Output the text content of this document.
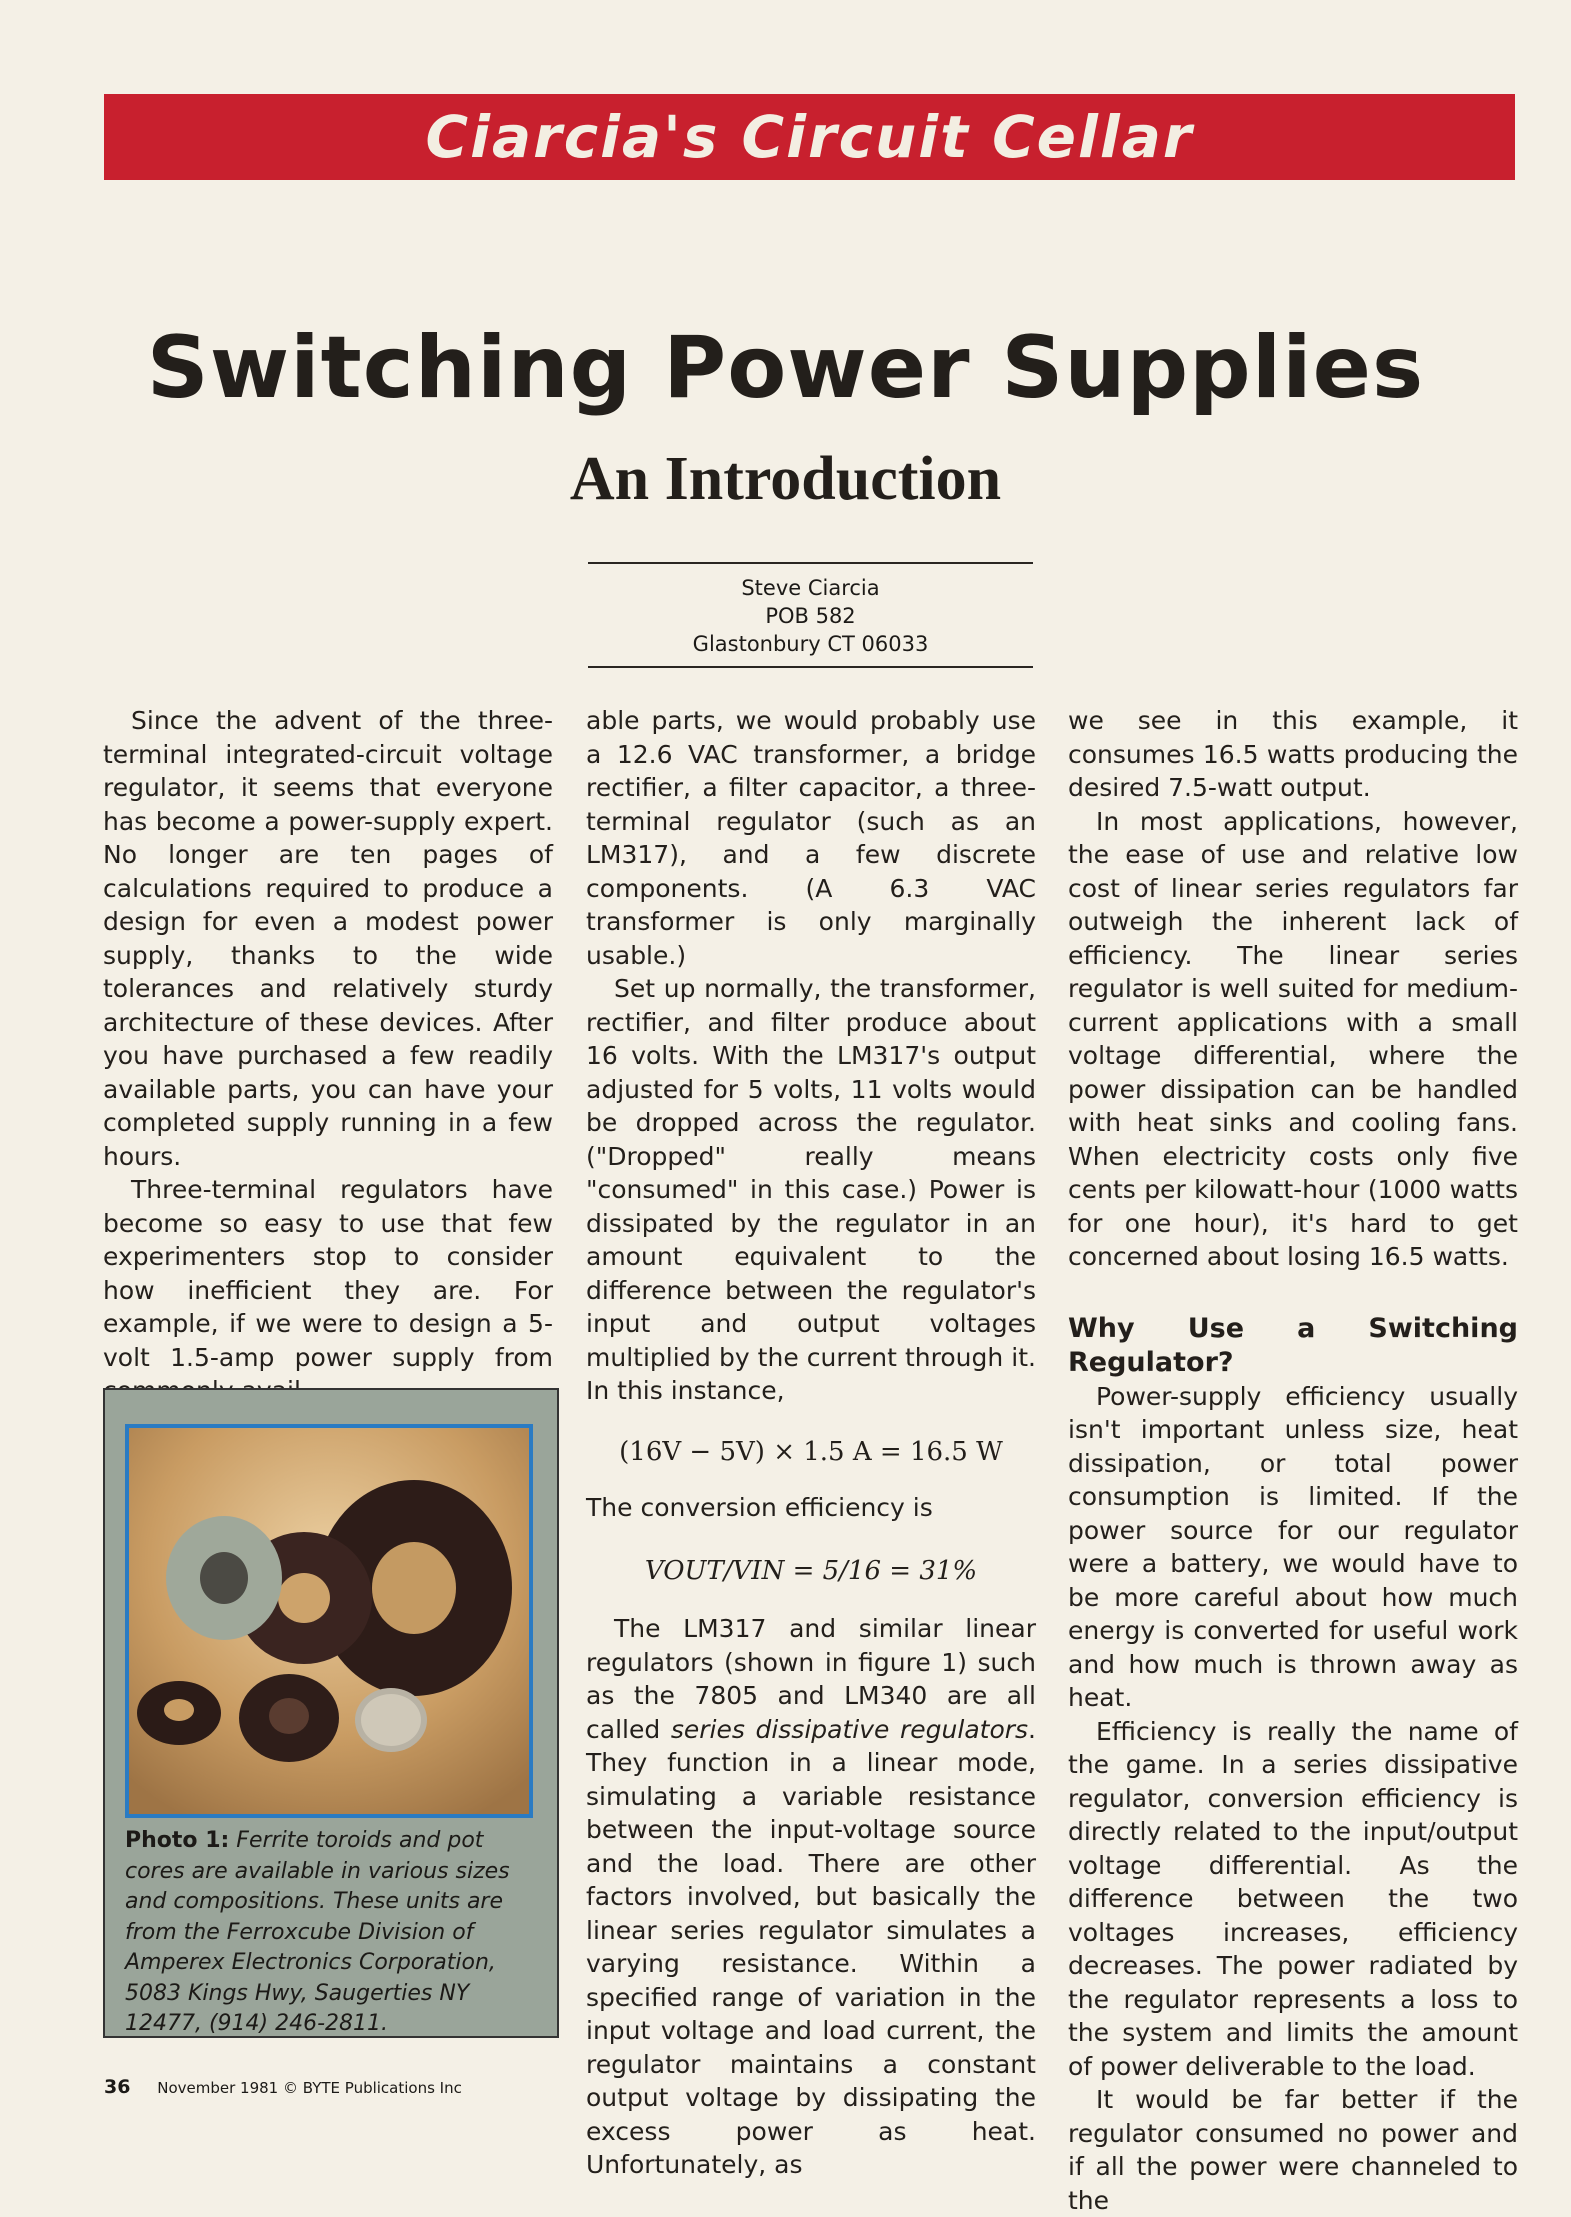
Ciarcia's Circuit Cellar
Switching Power Supplies
An Introduction
Steve Ciarcia
POB 582
Glastonbury CT 06033

Since the advent of the three-terminal integrated-circuit voltage regulator, it seems that everyone has become a power-supply expert. No longer are ten pages of calculations required to produce a design for even a modest power supply, thanks to the wide tolerances and relatively sturdy architecture of these devices. After you have purchased a few readily available parts, you can have your completed supply running in a few hours.

Three-terminal regulators have become so easy to use that few experimenters stop to consider how inefficient they are. For example, if we were to design a 5-volt 1.5-amp power supply from

Photo 1: Ferrite toroids and pot cores are available in various sizes and compositions. These units are from the Ferroxcube Division of Amperex Electronics Corporation, 5083 Kings Hwy, Saugerties NY 12477, (914) 246-2811.

able parts, we would probably use a 12.6 VAC transformer, a bridge rectifier, a filter capacitor, a three-terminal regulator (such as an LM317), and a few discrete components. (A 6.3 VAC transformer is only marginally usable.)

Set up normally, the transformer, rectifier, and filter produce about 16 volts. With the LM317's output adjusted for 5 volts, 11 volts would be dropped across the regulator. ("Dropped" really means "consumed" in this case.) Power is dissipated by the regulator in an amount equivalent to the difference between the regulator's input and output voltages multiplied by the current through it. In this instance,

(16V − 5V) × 1.5 A = 16.5 W

The conversion efficiency is

VOUT/VIN = 5/16 = 31%

The LM317 and similar linear regulators (shown in figure 1) such as the 7805 and LM340 are all called series dissipative regulators. They function in a linear mode, simulating a variable resistance between the input-voltage source and the load. There are other factors involved, but basically the linear series regulator simulates a varying resistance. Within a specified range of variation in the input voltage and load current, the regulator maintains a constant output voltage by dissipating the excess power as heat. Unfortunately, as

we see in this example, it consumes 16.5 watts producing the desired 7.5-watt output.

In most applications, however, the ease of use and relative low cost of linear series regulators far outweigh the inherent lack of efficiency. The linear series regulator is well suited for medium-current applications with a small voltage differential, where the power dissipation can be handled with heat sinks and cooling fans. When electricity costs only five cents per kilowatt-hour (1000 watts for one hour), it's hard to get concerned about losing 16.5 watts.

Why Use a Switching Regulator?

Power-supply efficiency usually isn't important unless size, heat dissipation, or total power consumption is limited. If the power source for our regulator were a battery, we would have to be more careful about how much energy is converted for useful work and how much is thrown away as heat.

Efficiency is really the name of the game. In a series dissipative regulator, conversion efficiency is directly related to the input/output voltage differential. As the difference between the two voltages increases, efficiency decreases. The power radiated by the regulator represents a loss to the system and limits the amount of power deliverable to the load.

It would be far better if the regulator consumed no power and if all the power were channeled to the

36 November 1981 © BYTE Publications Inc
